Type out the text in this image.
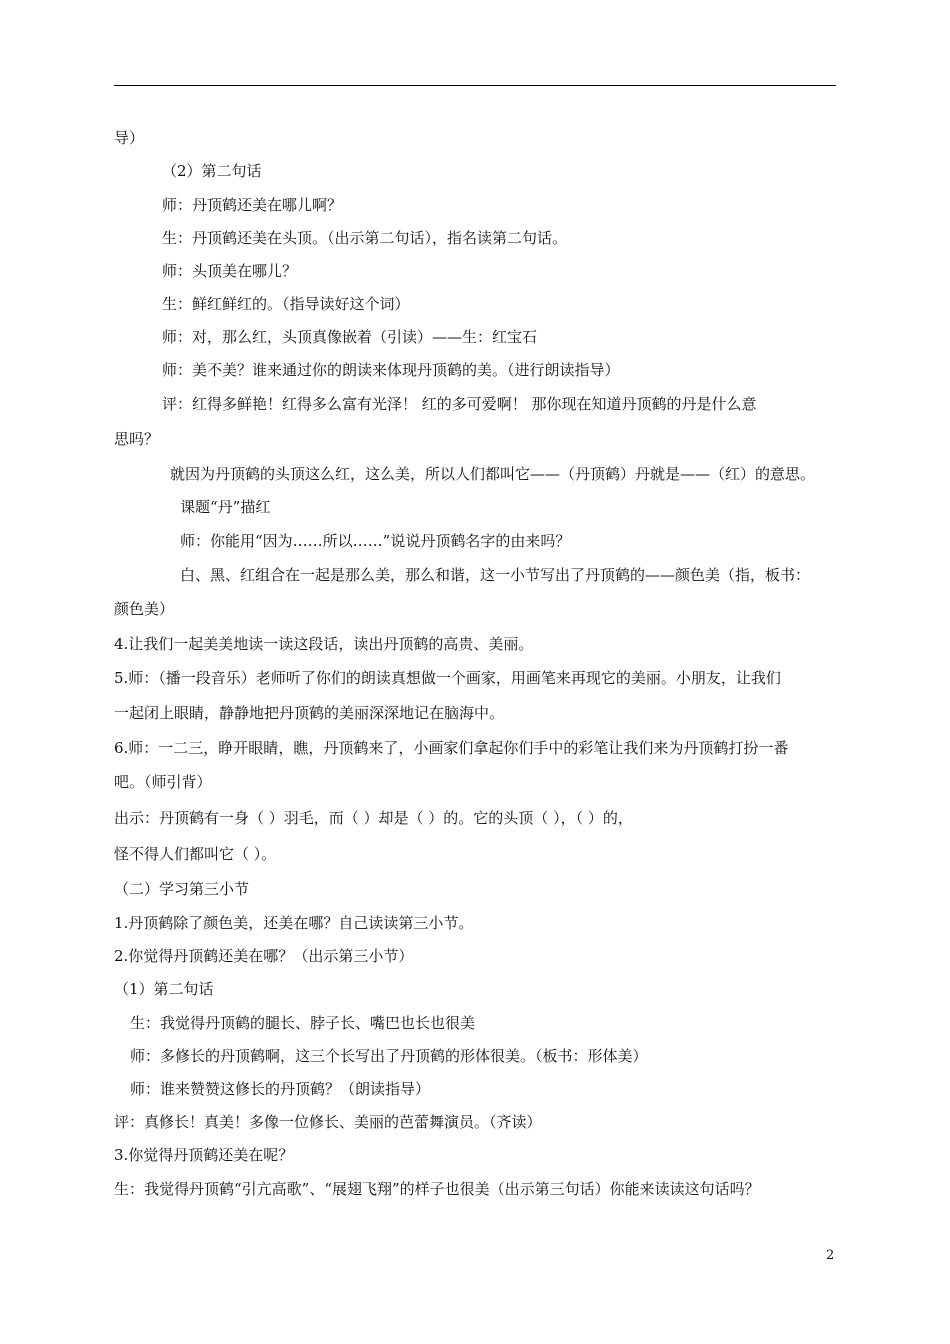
导）
（2）第二句话
师：丹顶鹤还美在哪儿啊？
生：丹顶鹤还美在头顶。（出示第二句话），指名读第二句话。
师：头顶美在哪儿？
生：鲜红鲜红的。（指导读好这个词）
师：对，那么红，头顶真像嵌着（引读）——生：红宝石
师：美不美？谁来通过你的朗读来体现丹顶鹤的美。（进行朗读指导）
评：红得多鲜艳！红得多么富有光泽！ 红的多可爱啊！ 那你现在知道丹顶鹤的丹是什么意
思吗？
就因为丹顶鹤的头顶这么红，这么美，所以人们都叫它——（丹顶鹤）丹就是——（红）的意思。
课题“丹”描红
师：你能用“因为……所以……”说说丹顶鹤名字的由来吗？
白、黑、红组合在一起是那么美，那么和谐，这一小节写出了丹顶鹤的——颜色美（指，板书：
颜色美）
4.让我们一起美美地读一读这段话，读出丹顶鹤的高贵、美丽。
5.师：（播一段音乐）老师听了你们的朗读真想做一个画家，用画笔来再现它的美丽。小朋友，让我们
一起闭上眼睛，静静地把丹顶鹤的美丽深深地记在脑海中。
6.师：一二三，睁开眼睛，瞧，丹顶鹤来了，小画家们拿起你们手中的彩笔让我们来为丹顶鹤打扮一番
吧。（师引背）
出示：丹顶鹤有一身（ ）羽毛，而（ ）却是（ ）的。它的头顶（ ），（ ）的，
怪不得人们都叫它（ ）。
（二）学习第三小节
1.丹顶鹤除了颜色美，还美在哪？自己读读第三小节。
2.你觉得丹顶鹤还美在哪？（出示第三小节）
（1）第二句话
生：我觉得丹顶鹤的腿长、脖子长、嘴巴也长也很美
师：多修长的丹顶鹤啊，这三个长写出了丹顶鹤的形体很美。（板书：形体美）
师：谁来赞赞这修长的丹顶鹤？（朗读指导）
评：真修长！真美！多像一位修长、美丽的芭蕾舞演员。（齐读）
3.你觉得丹顶鹤还美在呢？
生：我觉得丹顶鹤“引亢高歌”、“展翅飞翔”的样子也很美（出示第三句话）你能来读读这句话吗？
2
